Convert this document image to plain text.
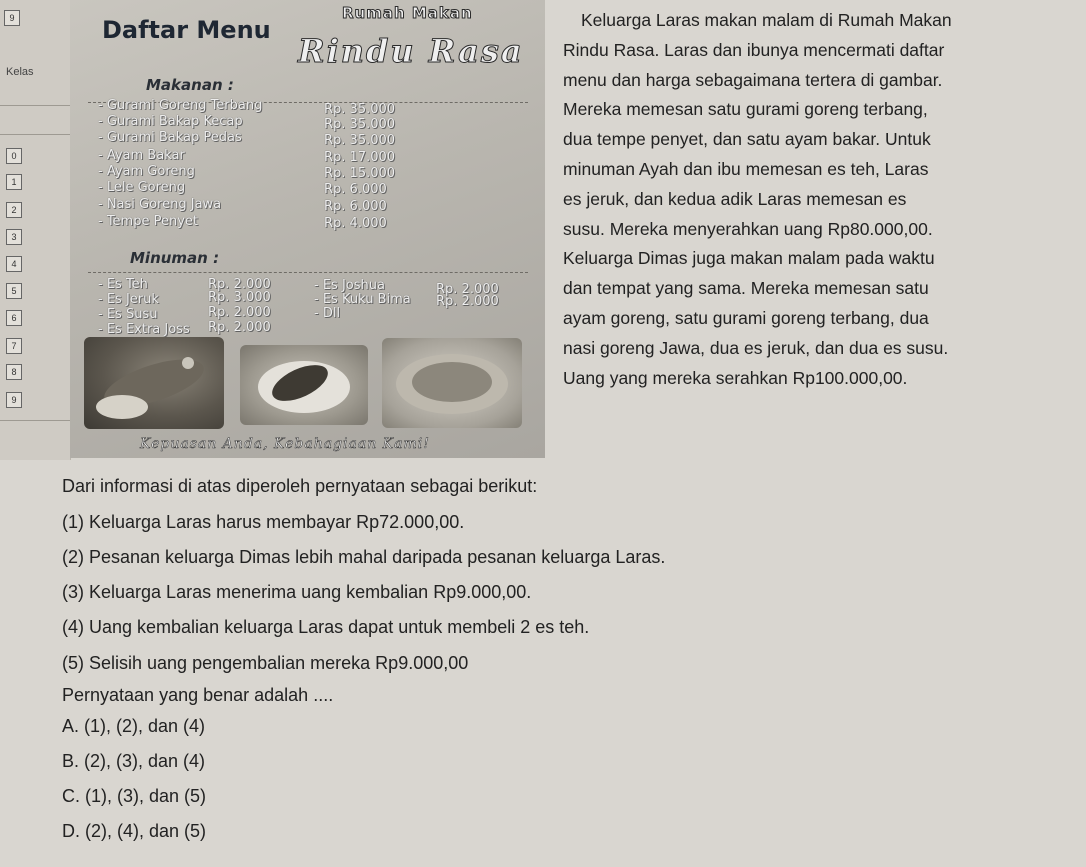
Kelas
9
0
1
2
3
4
5
6
7
8
9
Daftar Menu
Rumah Makan
Rindu Rasa
Makanan :
- Gurami Goreng Terbang	Rp. 35.000
- Gurami Bakap Kecap	Rp. 35.000
- Gurami Bakap Pedas	Rp. 35.000
- Ayam Bakar	Rp. 17.000
- Ayam Goreng	Rp. 15.000
- Lele Goreng	Rp. 6.000
- Nasi Goreng Jawa	Rp. 6.000
- Tempe Penyet	Rp. 4.000
Minuman :
- Es Teh	Rp. 2.000
- Es Jeruk	Rp. 3.000
- Es Susu	Rp. 2.000
- Es Extra Joss Rp. 2.000
- Es Joshua	Rp. 2.000
- Es Kuku Bima Rp. 2.000
- Dll
Kepuasan Anda, Kebahagiaan Kami!
Keluarga Laras makan malam di Rumah Makan
Rindu Rasa. Laras dan ibunya mencermati daftar
menu dan harga sebagaimana tertera di gambar.
Mereka memesan satu gurami goreng terbang,
dua tempe penyet, dan satu ayam bakar. Untuk
minuman Ayah dan ibu memesan es teh, Laras
es jeruk, dan kedua adik Laras memesan es
susu. Mereka menyerahkan uang Rp80.000,00.
Keluarga Dimas juga makan malam pada waktu
dan tempat yang sama. Mereka memesan satu
ayam goreng, satu gurami goreng terbang, dua
nasi goreng Jawa, dua es jeruk, dan dua es susu.
Uang yang mereka serahkan Rp100.000,00.
Dari informasi di atas diperoleh pernyataan sebagai berikut:
(1) Keluarga Laras harus membayar Rp72.000,00.
(2) Pesanan keluarga Dimas lebih mahal daripada pesanan keluarga Laras.
(3) Keluarga Laras menerima uang kembalian Rp9.000,00.
(4) Uang kembalian keluarga Laras dapat untuk membeli 2 es teh.
(5) Selisih uang pengembalian mereka Rp9.000,00
Pernyataan yang benar adalah ....
A. (1), (2), dan (4)
B. (2), (3), dan (4)
C. (1), (3), dan (5)
D. (2), (4), dan (5)
